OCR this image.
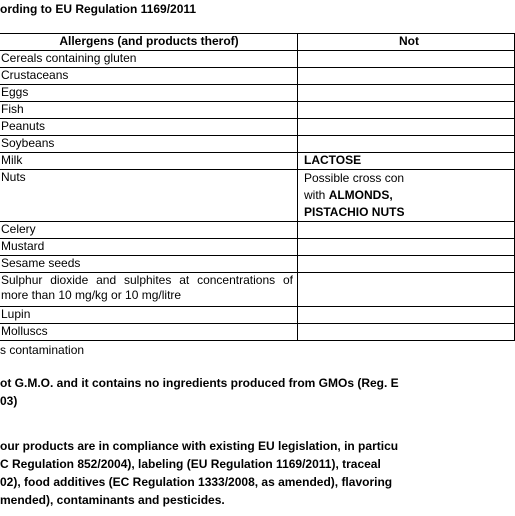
ording to EU Regulation 1169/2011
Allergens (and products therof)	Not
Cereals containing gluten	
Crustaceans	
Eggs	
Fish	
Peanuts	
Soybeans	
Milk	LACTOSE
Nuts	Possible cross con
with ALMONDS,
PISTACHIO NUTS

Celery	
Mustard	
Sesame seeds	

Sulphur dioxide and sulphites at concentrations of
more than 10 mg/kg or 10 mg/litre	

Lupin	
Molluscs	
s contamination
ot G.M.O. and it contains no ingredients produced from GMOs (Reg. E
03)
our products are in compliance with existing EU legislation, in particu
C Regulation 852/2004), labeling (EU Regulation 1169/2011), traceal
02), food additives (EC Regulation 1333/2008, as amended), flavoring
mended), contaminants and pesticides.
